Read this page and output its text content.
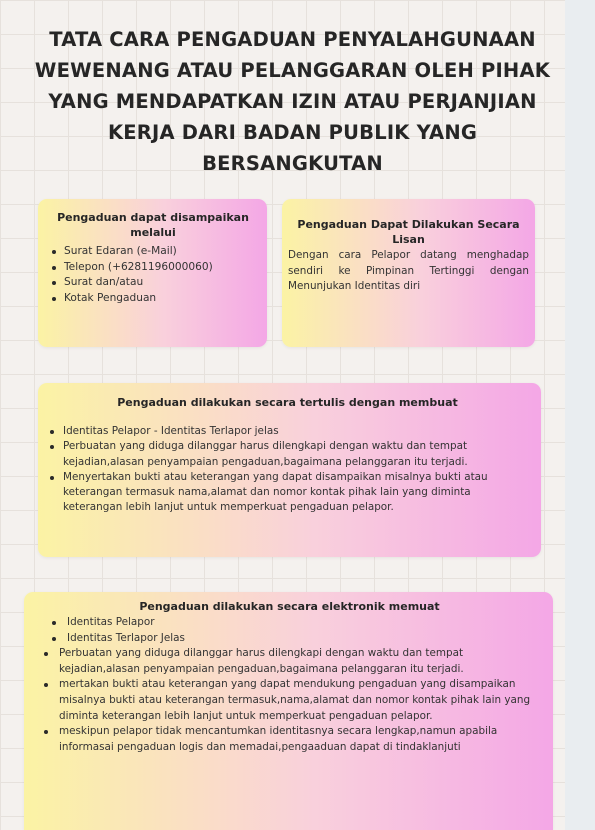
TATA CARA PENGADUAN PENYALAHGUNAAN WEWENANG ATAU PELANGGARAN OLEH PIHAK YANG MENDAPATKAN IZIN ATAU PERJANJIAN KERJA DARI BADAN PUBLIK YANG BERSANGKUTAN
Pengaduan dapat disampaikan melalui
Surat Edaran (e-Mail)
Telepon (+6281196000060)
Surat dan/atau
Kotak Pengaduan
Pengaduan Dapat Dilakukan Secara Lisan

Dengan cara Pelapor datang menghadap sendiri ke Pimpinan Tertinggi dengan Menunjukan Identitas diri

Pengaduan dilakukan secara tertulis dengan membuat
Identitas Pelapor - Identitas Terlapor jelas
Perbuatan yang diduga dilanggar harus dilengkapi dengan waktu dan tempat kejadian,alasan penyampaian pengaduan,bagaimana pelanggaran itu terjadi.
Menyertakan bukti atau keterangan yang dapat disampaikan misalnya bukti atau keterangan termasuk nama,alamat dan nomor kontak pihak lain yang diminta keterangan lebih lanjut untuk memperkuat pengaduan pelapor.
Pengaduan dilakukan secara elektronik memuat
Identitas Pelapor
Identitas Terlapor Jelas
Perbuatan yang diduga dilanggar harus dilengkapi dengan waktu dan tempat kejadian,alasan penyampaian pengaduan,bagaimana pelanggaran itu terjadi.
mertakan bukti atau keterangan yang dapat mendukung pengaduan yang disampaikan misalnya bukti atau keterangan termasuk,nama,alamat dan nomor kontak pihak lain yang diminta keterangan lebih lanjut untuk memperkuat pengaduan pelapor.
meskipun pelapor tidak mencantumkan identitasnya secara lengkap,namun apabila informasai pengaduan logis dan memadai,pengaaduan dapat di tindaklanjuti
